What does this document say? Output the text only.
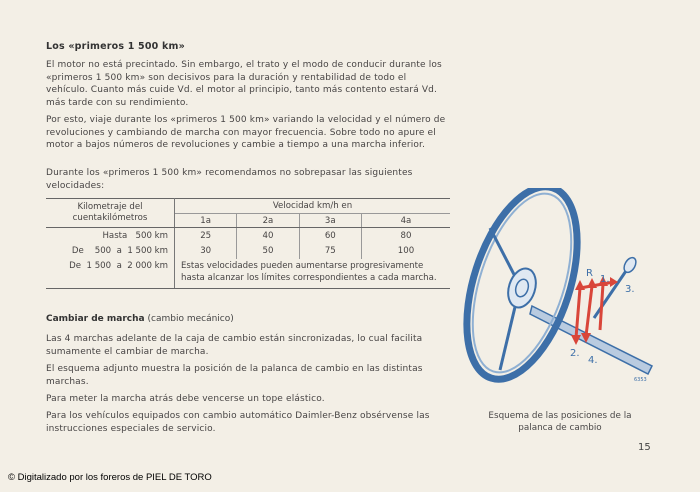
Los «primeros 1 500 km»
El motor no está precintado. Sin embargo, el trato y el modo de conducir durante los «primeros 1 500 km» son decisivos para la duración y rentabilidad de todo el vehículo. Cuanto más cuide Vd. el motor al principio, tanto más contento estará Vd. más tarde con su rendimiento.
Por esto, viaje durante los «primeros 1 500 km» variando la velocidad y el número de revoluciones y cambiando de marcha con mayor frecuencia. Sobre todo no apure el motor a bajos números de revoluciones y cambie a tiempo a una marcha inferior.
Durante los «primeros 1 500 km» recomendamos no sobrepasar las siguientes velocidades:
Kilometraje del cuentakilómetros	Velocidad km/h en			
	1a	2a	3a	4a
Hasta   500 km	25	40	60	80
De    500  a  1 500 km	30	50	75	100
De  1 500  a  2 000 km	Estas velocidades pueden aumentarse progresivamente hasta alcanzar los límites correspondientes a cada marcha.			
Cambiar de marcha (cambio mecánico)
Las 4 marchas adelante de la caja de cambio están sincronizadas, lo cual facilita sumamente el cambiar de marcha.
El esquema adjunto muestra la posición de la palanca de cambio en las distintas marchas.
Para meter la marcha atrás debe vencerse un tope elástico.
Para los vehículos equipados con cambio automático Daimler-Benz obsérvense las instrucciones especiales de servicio.
R
1.
3.
2.
4.
6353
Esquema de las posiciones de la palanca de cambio
15
© Digitalizado por los foreros de PIEL DE TORO
